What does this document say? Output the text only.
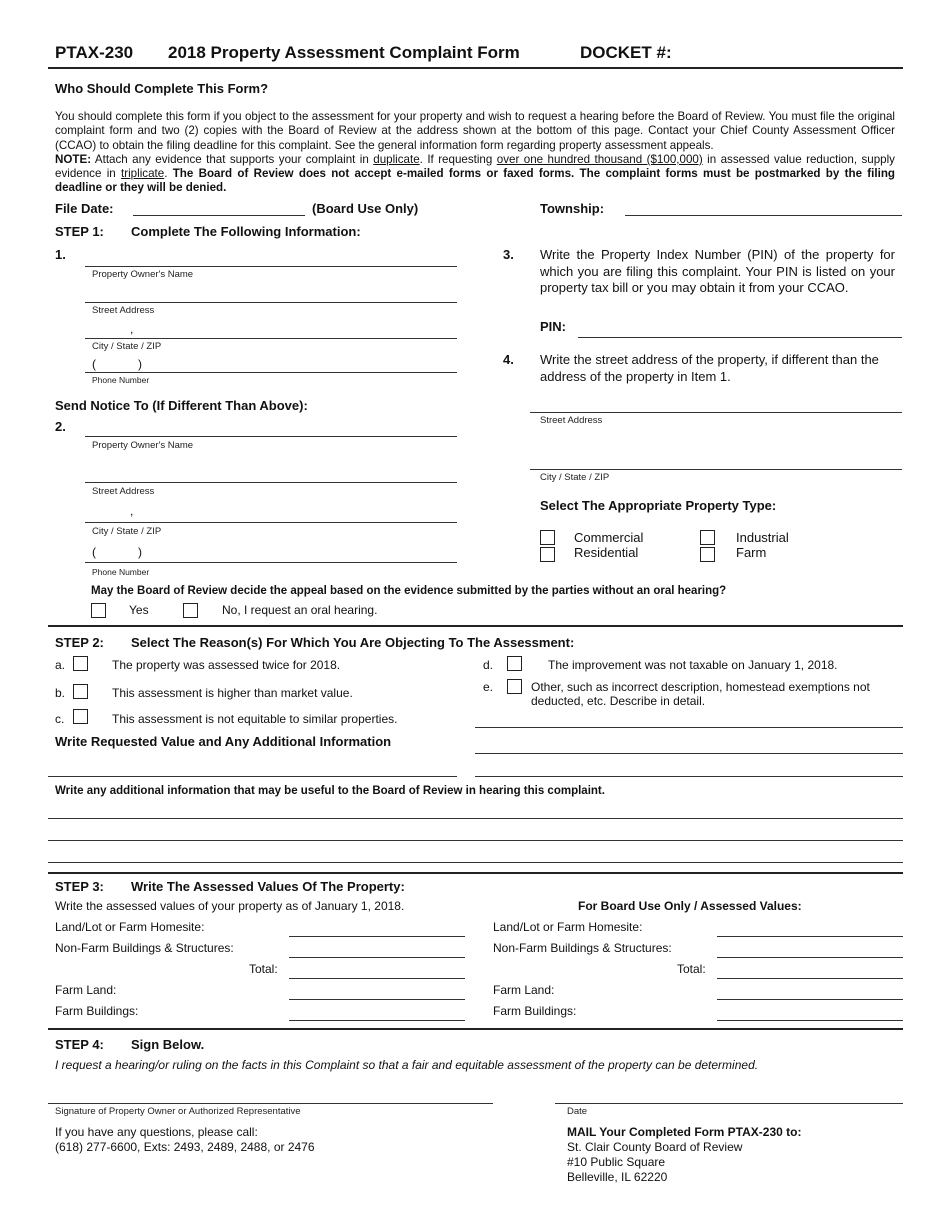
PTAX-230 2018 Property Assessment Complaint Form	DOCKET #:
Who Should Complete This Form?
You should complete this form if you object to the assessment for your property and wish to request a hearing before the Board of Review. You must file the original complaint form and two (2) copies with the Board of Review at the address shown at the bottom of this page. Contact your Chief County Assessment Officer (CCAO) to obtain the filing deadline for this complaint. See the general information form regarding property assessment appeals.
NOTE: Attach any evidence that supports your complaint in duplicate. If requesting over one hundred thousand ($100,000) in assessed value reduction, supply evidence in triplicate. The Board of Review does not accept e-mailed forms or faxed forms. The complaint forms must be postmarked by the filing deadline or they will be denied.
File Date:	(Board Use Only)	Township:
STEP 1: Complete The Following Information:
1.
Property Owner's Name
Street Address
,
City / State / ZIP
(	)
Phone Number
Send Notice To (If Different Than Above):
2.
Property Owner's Name
Street Address
,
City / State / ZIP
(	)
Phone Number
3. Write the Property Index Number (PIN) of the property for which you are filing this complaint. Your PIN is listed on your property tax bill or you may obtain it from your CCAO.
PIN:
4. Write the street address of the property, if different than the address of the property in Item 1.
Street Address
City / State / ZIP
Select The Appropriate Property Type:
Commercial
Residential
Industrial
Farm
May the Board of Review decide the appeal based on the evidence submitted by the parties without an oral hearing?
Yes	No, I request an oral hearing.
STEP 2: Select The Reason(s) For Which You Are Objecting To The Assessment:
a.	The property was assessed twice for 2018.
b.	This assessment is higher than market value.
c.	This assessment is not equitable to similar properties.
d.	The improvement was not taxable on January 1, 2018.
e.	Other, such as incorrect description, homestead exemptions not
deducted, etc. Describe in detail.
Write Requested Value and Any Additional Information
Write any additional information that may be useful to the Board of Review in hearing this complaint.
STEP 3: Write The Assessed Values Of The Property:
Write the assessed values of your property as of January 1, 2018.	For Board Use Only / Assessed Values:
Land/Lot or Farm Homesite:
Non-Farm Buildings & Structures:
Total:
Farm Land:
Farm Buildings:
Land/Lot or Farm Homesite:
Non-Farm Buildings & Structures:
Total:
Farm Land:
Farm Buildings:
STEP 4: Sign Below.
I request a hearing/or ruling on the facts in this Complaint so that a fair and equitable assessment of the property can be determined.
Signature of Property Owner or Authorized Representative	Date
If you have any questions, please call:
(618) 277-6600, Exts: 2493, 2489, 2488, or 2476
MAIL Your Completed Form PTAX-230 to:
St. Clair County Board of Review
#10 Public Square
Belleville, IL 62220
